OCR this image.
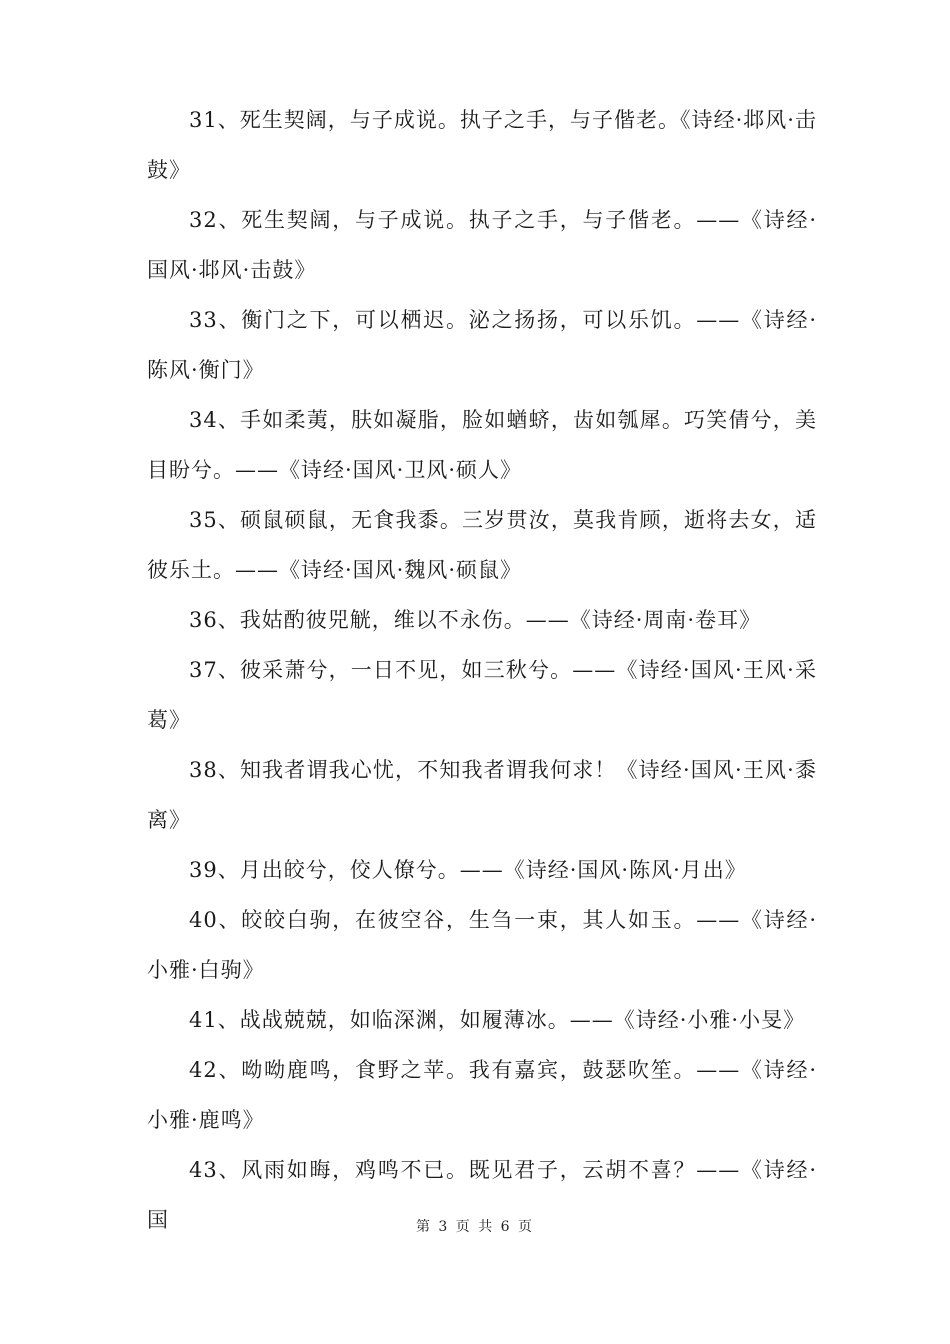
31、死生契阔，与子成说。执子之手，与子偕老。《诗经·邶风·击鼓》

32、死生契阔，与子成说。执子之手，与子偕老。——《诗经·国风·邶风·击鼓》

33、衡门之下，可以栖迟。泌之扬扬，可以乐饥。——《诗经·陈风·衡门》

34、手如柔荑，肤如凝脂，脸如蝤蛴，齿如瓠犀。巧笑倩兮，美目盼兮。——《诗经·国风·卫风·硕人》

35、硕鼠硕鼠，无食我黍。三岁贯汝，莫我肯顾，逝将去女，适彼乐土。——《诗经·国风·魏风·硕鼠》

36、我姑酌彼兕觥，维以不永伤。——《诗经·周南·卷耳》

37、彼采萧兮，一日不见，如三秋兮。——《诗经·国风·王风·采葛》

38、知我者谓我心忧，不知我者谓我何求！《诗经·国风·王风·黍离》

39、月出皎兮，佼人僚兮。——《诗经·国风·陈风·月出》

40、皎皎白驹，在彼空谷，生刍一束，其人如玉。——《诗经·小雅·白驹》

41、战战兢兢，如临深渊，如履薄冰。——《诗经·小雅·小旻》

42、呦呦鹿鸣，食野之苹。我有嘉宾，鼓瑟吹笙。——《诗经·小雅·鹿鸣》

43、风雨如晦，鸡鸣不已。既见君子，云胡不喜？——《诗经·国	第 3 页 共 6 页
